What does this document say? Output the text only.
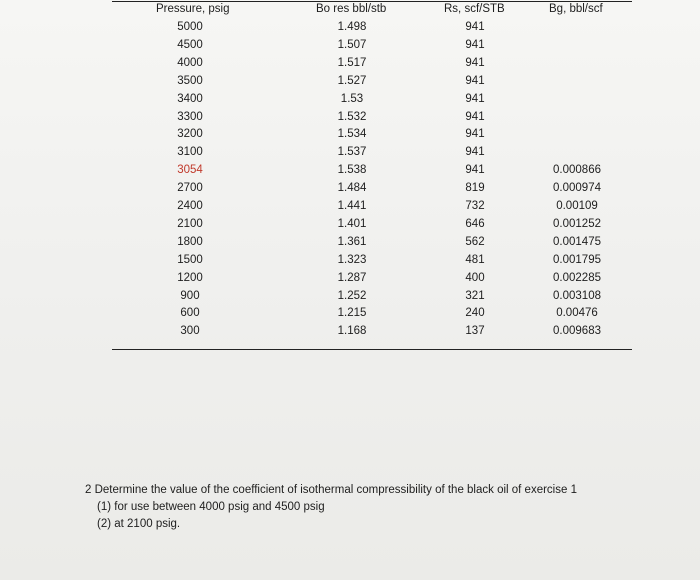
Pressure, psig	Bo res bbl/stb	Rs, scf/STB	Bg, bbl/scf
5000	1.498	941
4500	1.507	941
4000	1.517	941
3500	1.527	941
3400	1.53	941
3300	1.532	941
3200	1.534	941
3100	1.537	941
3054	1.538	941	0.000866
2700	1.484	819	0.000974
2400	1.441	732	0.00109
2100	1.401	646	0.001252
1800	1.361	562	0.001475
1500	1.323	481	0.001795
1200	1.287	400	0.002285
900	1.252	321	0.003108
600	1.215	240	0.00476
300	1.168	137	0.009683
2 Determine the value of the coefficient of isothermal compressibility of the black oil of exercise 1
(1) for use between 4000 psig and 4500 psig
(2) at 2100 psig.
